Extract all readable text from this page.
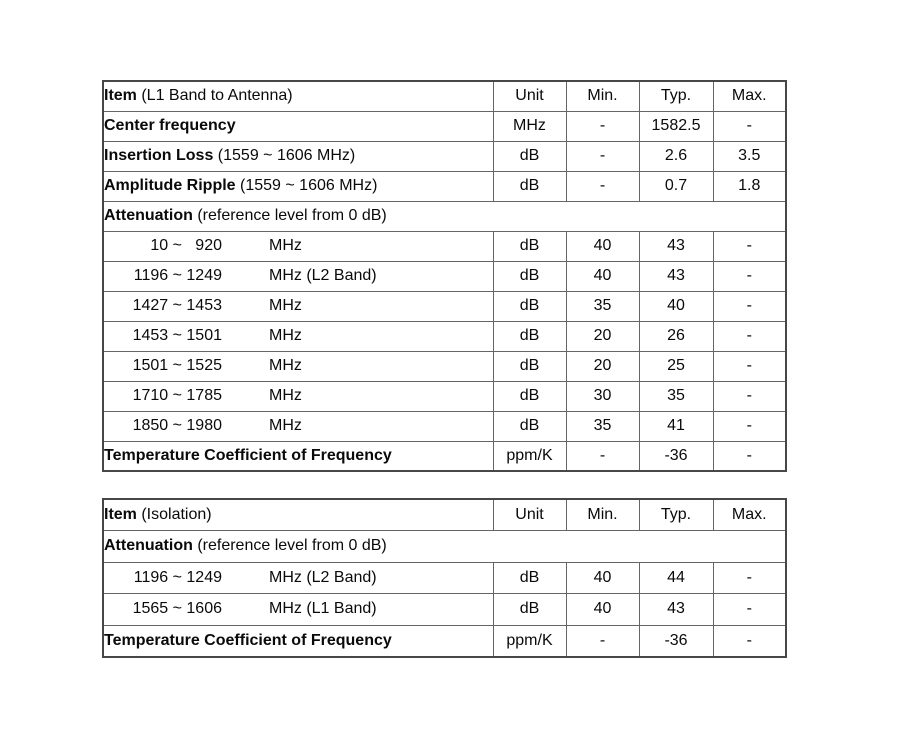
Item (L1 Band to Antenna)	Unit	Min.	Typ.	Max.
Center frequency	MHz	-	1582.5	-
Insertion Loss (1559 ~ 1606 MHz)	dB	-	2.6	3.5
Amplitude Ripple (1559 ~ 1606 MHz)	dB	-	0.7	1.8
Attenuation (reference level from 0 dB)				
10 ~   920 MHz	dB	40	43	-
1196 ~ 1249 MHz (L2 Band)	dB	40	43	-
1427 ~ 1453 MHz	dB	35	40	-
1453 ~ 1501 MHz	dB	20	26	-
1501 ~ 1525 MHz	dB	20	25	-
1710 ~ 1785 MHz	dB	30	35	-
1850 ~ 1980 MHz	dB	35	41	-
Temperature Coefficient of Frequency	ppm/K	-	-36	-
Item (Isolation)	Unit	Min.	Typ.	Max.
Attenuation (reference level from 0 dB)				
1196 ~ 1249 MHz (L2 Band)	dB	40	44	-
1565 ~ 1606 MHz (L1 Band)	dB	40	43	-
Temperature Coefficient of Frequency	ppm/K	-	-36	-
